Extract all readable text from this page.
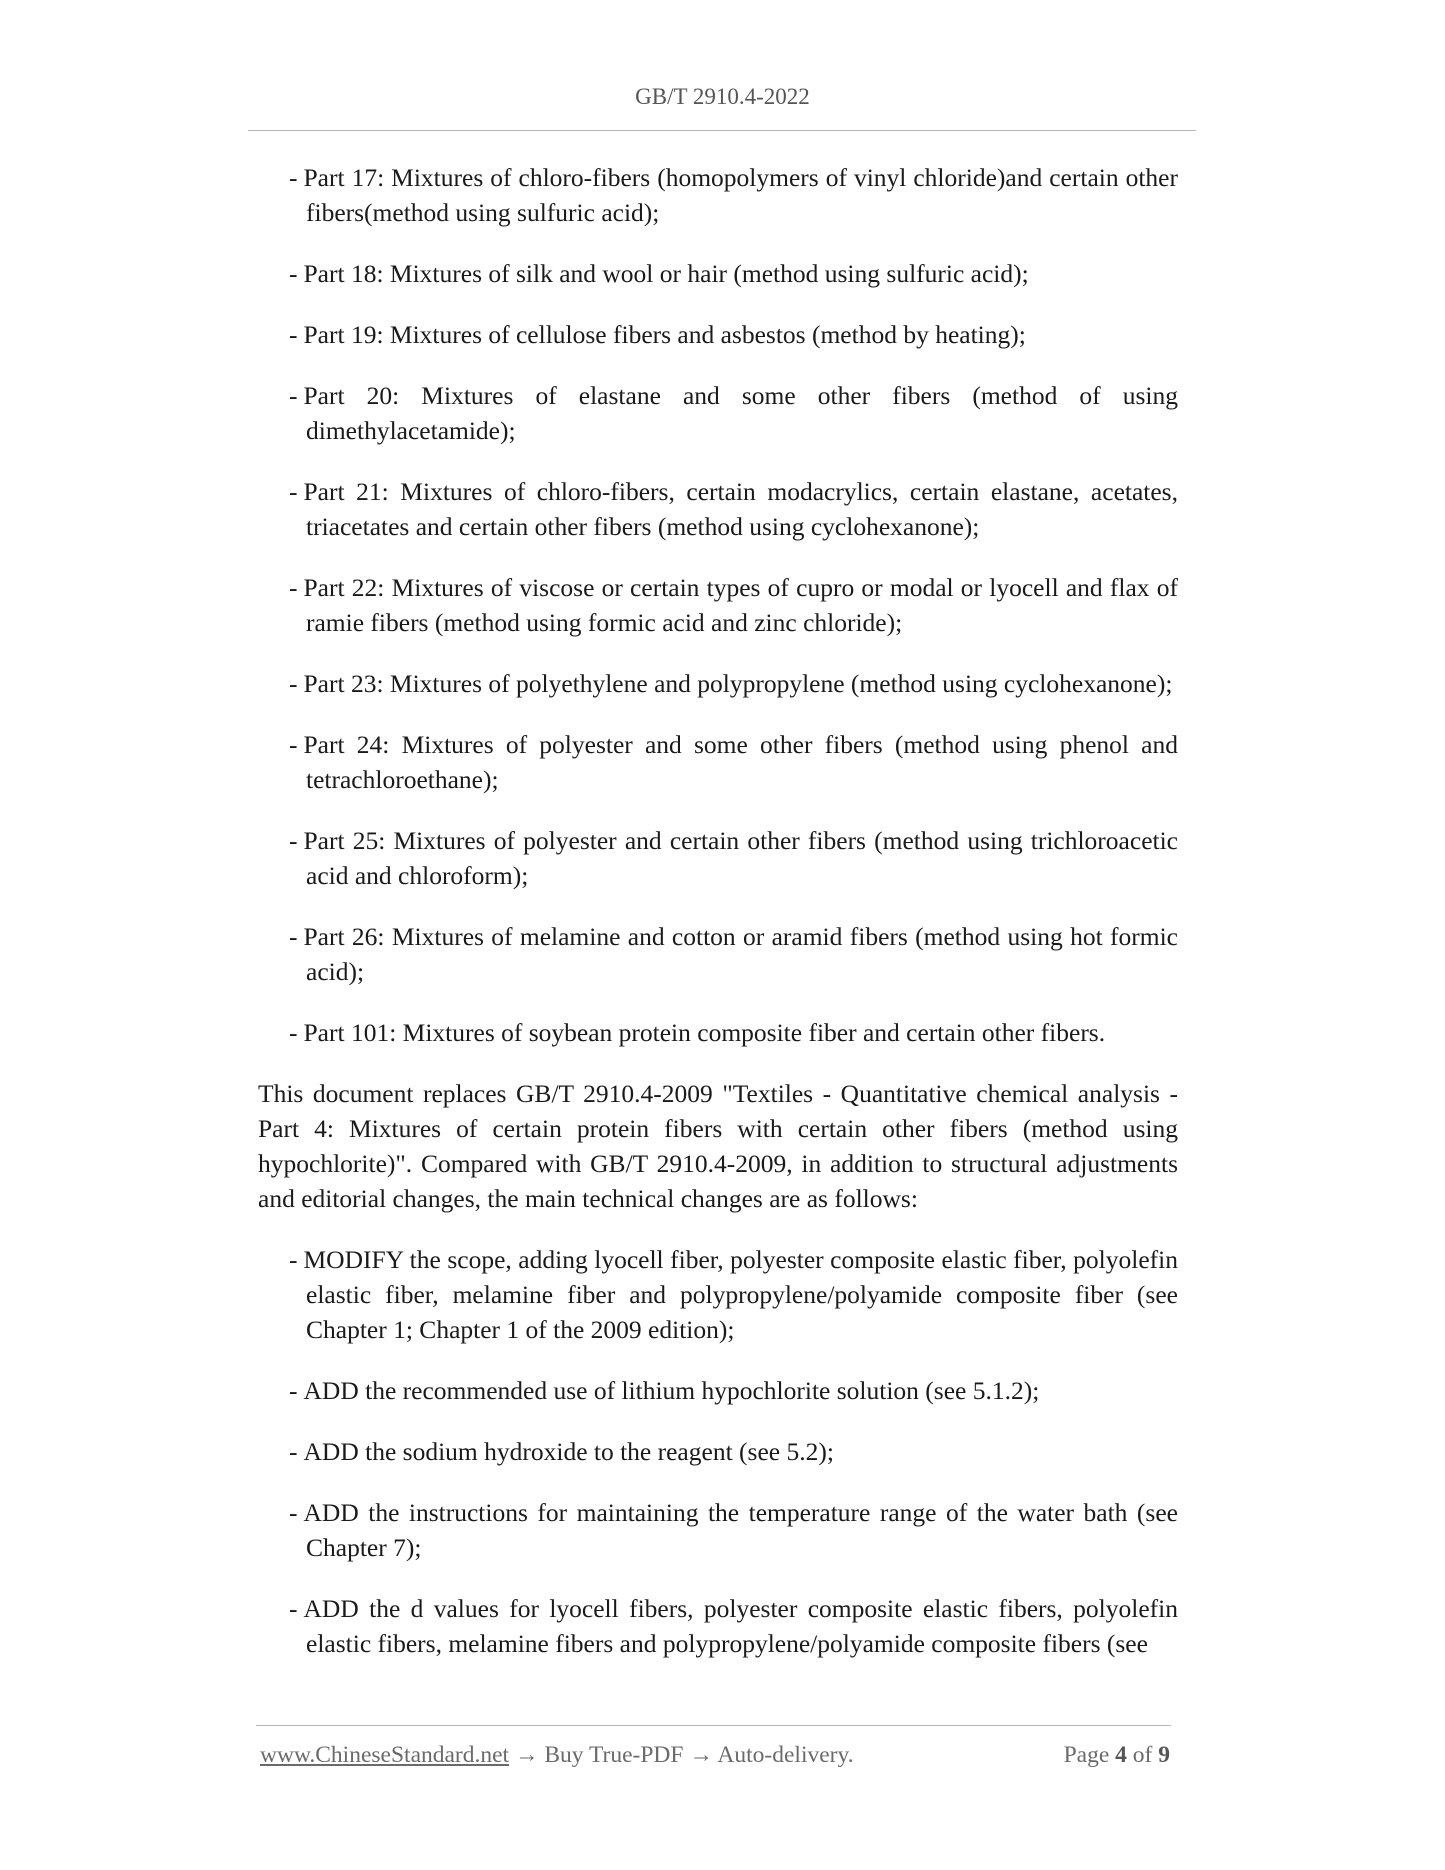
GB/T 2910.4-2022
- Part 17: Mixtures of chloro-fibers (homopolymers of vinyl chloride)and certain other fibers(method using sulfuric acid);
- Part 18: Mixtures of silk and wool or hair (method using sulfuric acid);
- Part 19: Mixtures of cellulose fibers and asbestos (method by heating);
- Part 20: Mixtures of elastane and some other fibers (method of using dimethylacetamide);
- Part 21: Mixtures of chloro-fibers, certain modacrylics, certain elastane, acetates, triacetates and certain other fibers (method using cyclohexanone);
- Part 22: Mixtures of viscose or certain types of cupro or modal or lyocell and flax of ramie fibers (method using formic acid and zinc chloride);
- Part 23: Mixtures of polyethylene and polypropylene (method using cyclohexanone);
- Part 24: Mixtures of polyester and some other fibers (method using phenol and tetrachloroethane);
- Part 25: Mixtures of polyester and certain other fibers (method using trichloroacetic acid and chloroform);
- Part 26: Mixtures of melamine and cotton or aramid fibers (method using hot formic acid);
- Part 101: Mixtures of soybean protein composite fiber and certain other fibers.

This document replaces GB/T 2910.4-2009 "Textiles - Quantitative chemical analysis - Part 4: Mixtures of certain protein fibers with certain other fibers (method using hypochlorite)". Compared with GB/T 2910.4-2009, in addition to structural adjustments and editorial changes, the main technical changes are as follows:

- MODIFY the scope, adding lyocell fiber, polyester composite elastic fiber, polyolefin elastic fiber, melamine fiber and polypropylene/polyamide composite fiber (see Chapter 1; Chapter 1 of the 2009 edition);
- ADD the recommended use of lithium hypochlorite solution (see 5.1.2);
- ADD the sodium hydroxide to the reagent (see 5.2);
- ADD the instructions for maintaining the temperature range of the water bath (see Chapter 7);
- ADD the d values for lyocell fibers, polyester composite elastic fibers, polyolefin elastic fibers, melamine fibers and polypropylene/polyamide composite fibers (see
www.ChineseStandard.net → Buy True-PDF → Auto-delivery.	Page 4 of 9
